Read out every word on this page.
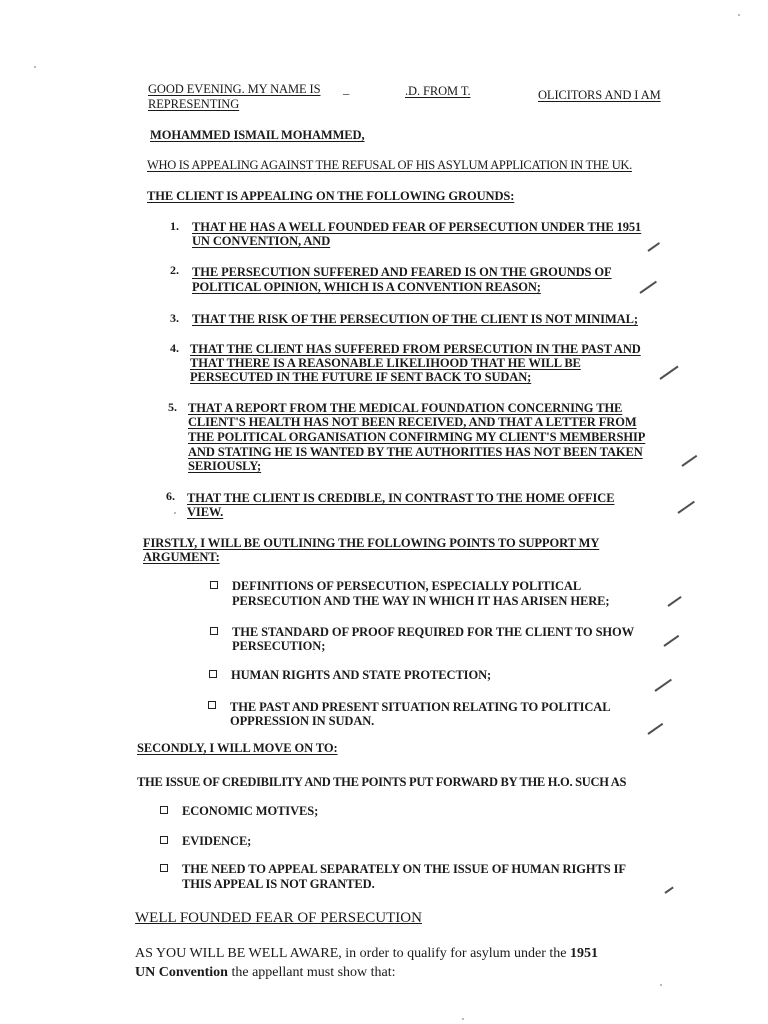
GOOD EVENING. MY NAME IS _	.D. FROM T.	OLICITORS AND I AM
REPRESENTING
MOHAMMED ISMAIL MOHAMMED,
WHO IS APPEALING AGAINST THE REFUSAL OF HIS ASYLUM APPLICATION IN THE UK.
THE CLIENT IS APPEALING ON THE FOLLOWING GROUNDS:
1. THAT HE HAS A WELL FOUNDED FEAR OF PERSECUTION UNDER THE 1951
UN CONVENTION, AND
2. THE PERSECUTION SUFFERED AND FEARED IS ON THE GROUNDS OF
POLITICAL OPINION, WHICH IS A CONVENTION REASON;
3. THAT THE RISK OF THE PERSECUTION OF THE CLIENT IS NOT MINIMAL;
4. THAT THE CLIENT HAS SUFFERED FROM PERSECUTION IN THE PAST AND
THAT THERE IS A REASONABLE LIKELIHOOD THAT HE WILL BE
PERSECUTED IN THE FUTURE IF SENT BACK TO SUDAN;
5. THAT A REPORT FROM THE MEDICAL FOUNDATION CONCERNING THE
CLIENT'S HEALTH HAS NOT BEEN RECEIVED, AND THAT A LETTER FROM
THE POLITICAL ORGANISATION CONFIRMING MY CLIENT'S MEMBERSHIP
AND STATING HE IS WANTED BY THE AUTHORITIES HAS NOT BEEN TAKEN
SERIOUSLY;
6. THAT THE CLIENT IS CREDIBLE, IN CONTRAST TO THE HOME OFFICE
VIEW.
FIRSTLY, I WILL BE OUTLINING THE FOLLOWING POINTS TO SUPPORT MY
ARGUMENT:
DEFINITIONS OF PERSECUTION, ESPECIALLY POLITICAL
PERSECUTION AND THE WAY IN WHICH IT HAS ARISEN HERE;
THE STANDARD OF PROOF REQUIRED FOR THE CLIENT TO SHOW
PERSECUTION;
HUMAN RIGHTS AND STATE PROTECTION;
THE PAST AND PRESENT SITUATION RELATING TO POLITICAL
OPPRESSION IN SUDAN.
SECONDLY, I WILL MOVE ON TO:
THE ISSUE OF CREDIBILITY AND THE POINTS PUT FORWARD BY THE H.O. SUCH AS
ECONOMIC MOTIVES;
EVIDENCE;
THE NEED TO APPEAL SEPARATELY ON THE ISSUE OF HUMAN RIGHTS IF
THIS APPEAL IS NOT GRANTED.
WELL FOUNDED FEAR OF PERSECUTION
AS YOU WILL BE WELL AWARE, in order to qualify for asylum under the 1951
UN Convention the appellant must show that:
